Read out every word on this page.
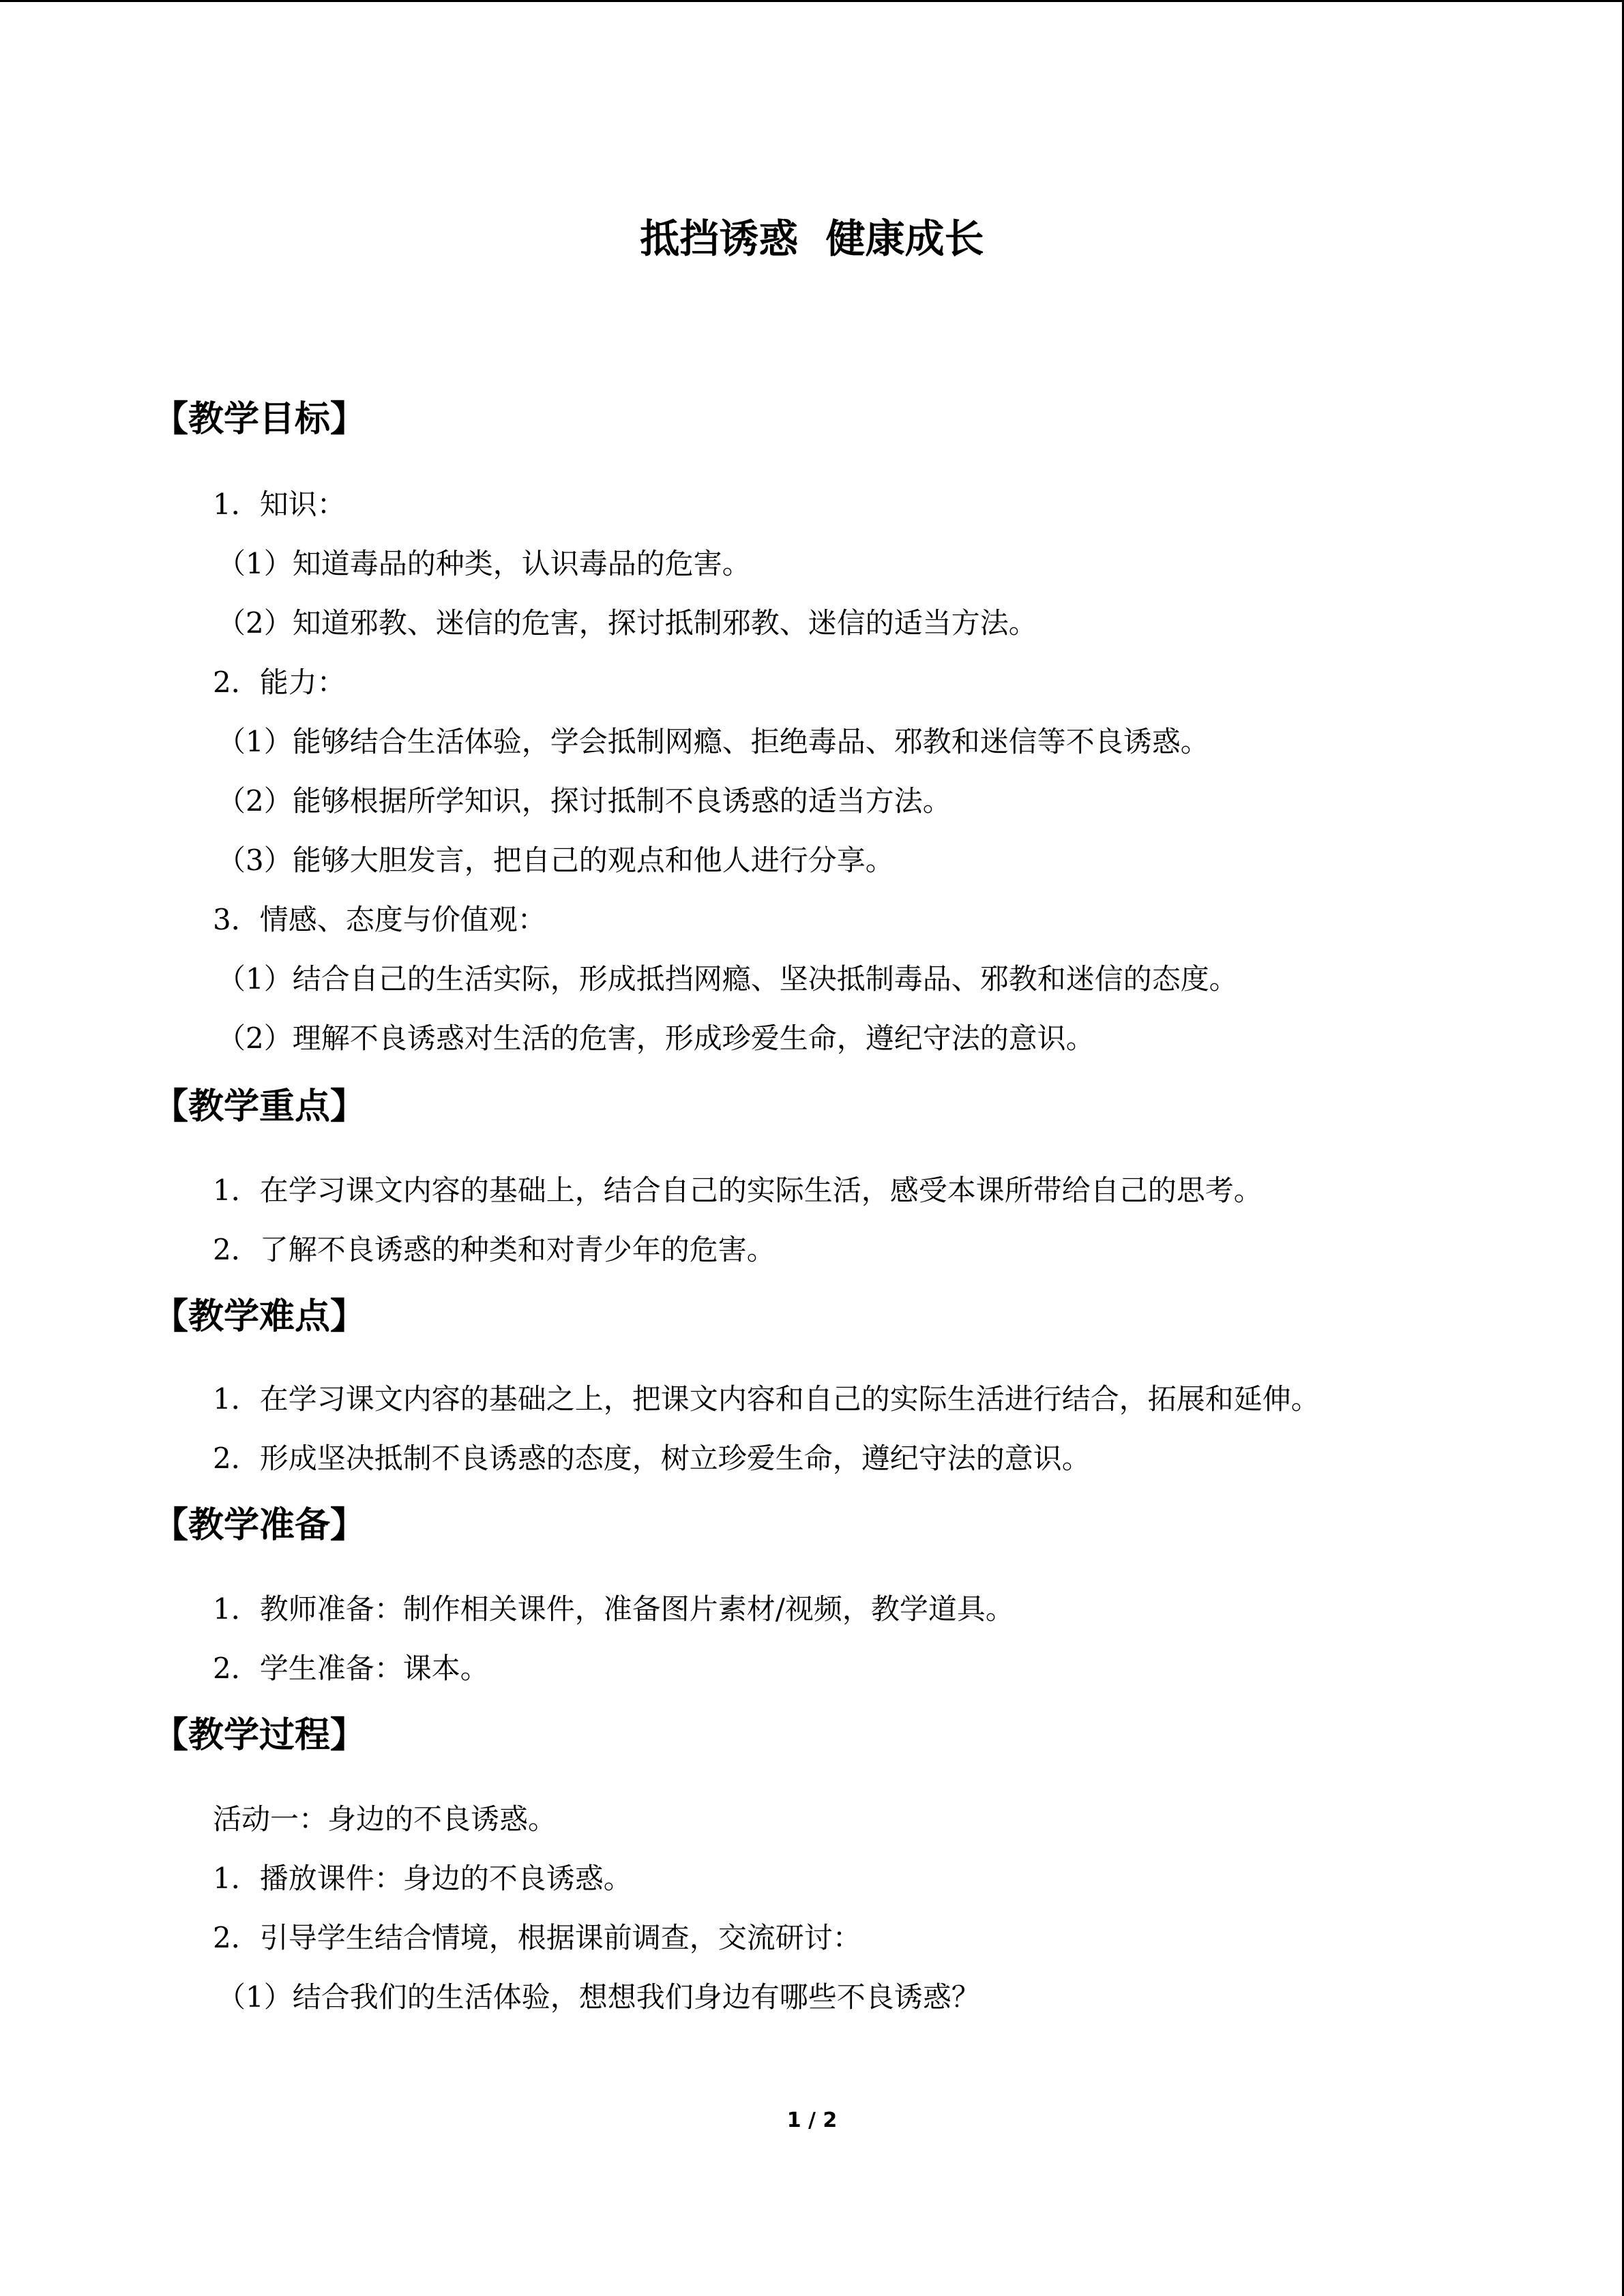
抵挡诱惑  健康成长
【教学目标】
1．知识：
（1）知道毒品的种类，认识毒品的危害。
（2）知道邪教、迷信的危害，探讨抵制邪教、迷信的适当方法。
2．能力：
（1）能够结合生活体验，学会抵制网瘾、拒绝毒品、邪教和迷信等不良诱惑。
（2）能够根据所学知识，探讨抵制不良诱惑的适当方法。
（3）能够大胆发言，把自己的观点和他人进行分享。
3．情感、态度与价值观：
（1）结合自己的生活实际，形成抵挡网瘾、坚决抵制毒品、邪教和迷信的态度。
（2）理解不良诱惑对生活的危害，形成珍爱生命，遵纪守法的意识。
【教学重点】
1．在学习课文内容的基础上，结合自己的实际生活，感受本课所带给自己的思考。
2．了解不良诱惑的种类和对青少年的危害。
【教学难点】
1．在学习课文内容的基础之上，把课文内容和自己的实际生活进行结合，拓展和延伸。
2．形成坚决抵制不良诱惑的态度，树立珍爱生命，遵纪守法的意识。
【教学准备】
1．教师准备：制作相关课件，准备图片素材/视频，教学道具。
2．学生准备：课本。
【教学过程】
活动一：身边的不良诱惑。
1．播放课件：身边的不良诱惑。
2．引导学生结合情境，根据课前调查，交流研讨：
（1）结合我们的生活体验，想想我们身边有哪些不良诱惑？
1 / 2
